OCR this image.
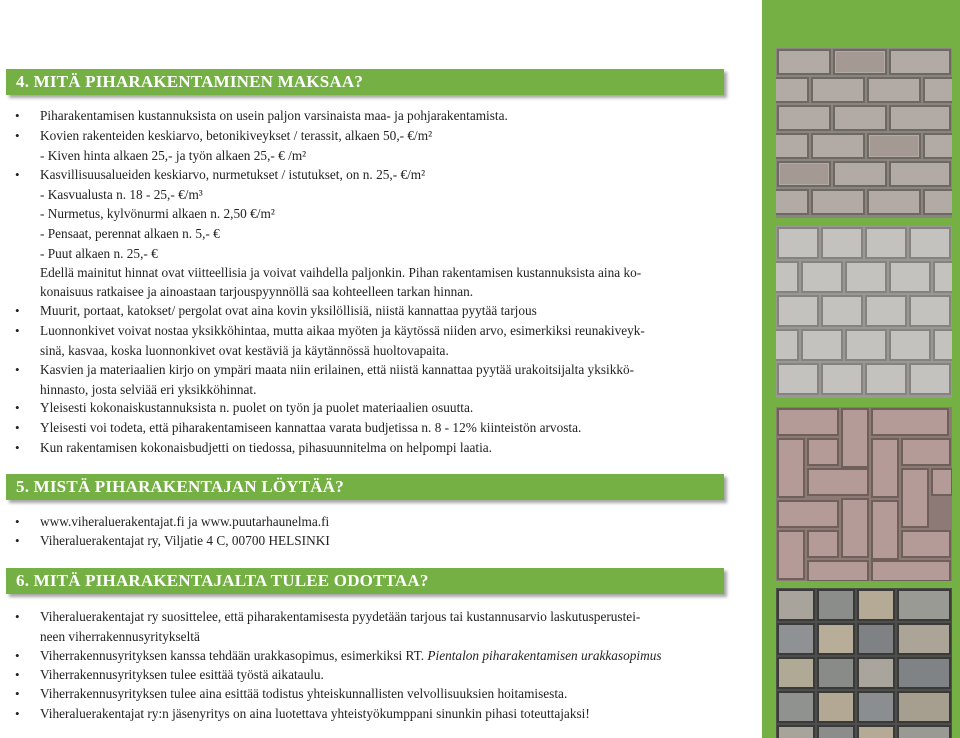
4. MITÄ PIHARAKENTAMINEN MAKSAA?
• Piharakentamisen kustannuksista on usein paljon varsinaista maa- ja pohjarakentamista.
• Kovien rakenteiden keskiarvo, betonikiveykset / terassit, alkaen 50,- €/m²
- Kiven hinta alkaen 25,- ja työn alkaen 25,- € /m²
• Kasvillisuusalueiden keskiarvo, nurmetukset / istutukset, on n. 25,- €/m²
- Kasvualusta n. 18 - 25,- €/m³
- Nurmetus, kylvönurmi alkaen n. 2,50 €/m²
- Pensaat, perennat alkaen n. 5,- €
- Puut alkaen n. 25,- €
Edellä mainitut hinnat ovat viitteellisia ja voivat vaihdella paljonkin. Pihan rakentamisen kustannuksista aina ko-
konaisuus ratkaisee ja ainoastaan tarjouspyynnöllä saa kohteelleen tarkan hinnan.
• Muurit, portaat, katokset/ pergolat ovat aina kovin yksilöllisiä, niistä kannattaa pyytää tarjous
• Luonnonkivet voivat nostaa yksikköhintaa, mutta aikaa myöten ja käytössä niiden arvo, esimerkiksi reunakiveyk-
sinä, kasvaa, koska luonnonkivet ovat kestäviä ja käytännössä huoltovapaita.
• Kasvien ja materiaalien kirjo on ympäri maata niin erilainen, että niistä kannattaa pyytää urakoitsijalta yksikkö-
hinnasto, josta selviää eri yksikköhinnat.
• Yleisesti kokonaiskustannuksista n. puolet on työn ja puolet materiaalien osuutta.
• Yleisesti voi todeta, että piharakentamiseen kannattaa varata budjetissa n. 8 - 12% kiinteistön arvosta.
• Kun rakentamisen kokonaisbudjetti on tiedossa, pihasuunnitelma on helpompi laatia.
5. MISTÄ PIHARAKENTAJAN LÖYTÄÄ?
• www.viheraluerakentajat.fi ja www.puutarhaunelma.fi
• Viheraluerakentajat ry, Viljatie 4 C, 00700 HELSINKI
6. MITÄ PIHARAKENTAJALTA TULEE ODOTTAA?
• Viheraluerakentajat ry suosittelee, että piharakentamisesta pyydetään tarjous tai kustannusarvio laskutusperustei-
neen viherrakennusyritykseltä
• Viherrakennusyrityksen kanssa tehdään urakkasopimus, esimerkiksi RT. Pientalon piharakentamisen urakkasopimus
• Viherrakennusyrityksen tulee esittää työstä aikataulu.
• Viherrakennusyrityksen tulee aina esittää todistus yhteiskunnallisten velvollisuuksien hoitamisesta.
• Viheraluerakentajat ry:n jäsenyritys on aina luotettava yhteistyökumppani sinunkin pihasi toteuttajaksi!
